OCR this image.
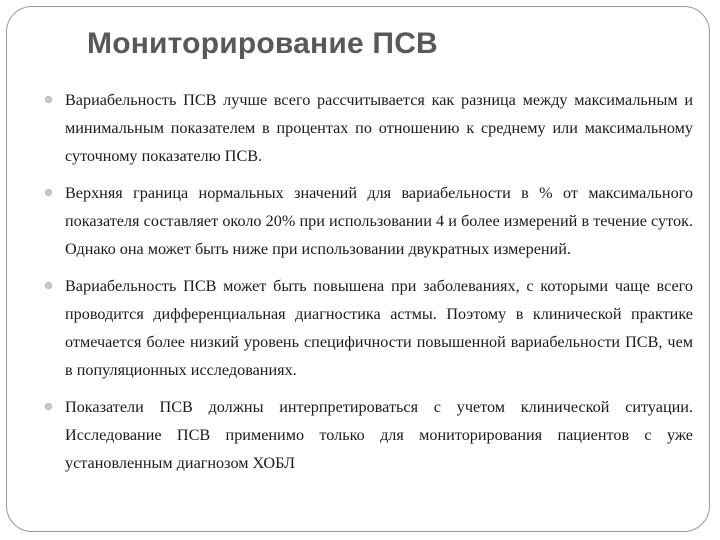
Мониторирование ПСВ
Вариабельность ПСВ лучше всего рассчитывается как разница между максимальным и минимальным показателем в процентах по отношению к среднему или максимальному суточному показателю ПСВ.
Верхняя граница нормальных значений для вариабельности в % от максимального показателя составляет около 20% при использовании 4 и более измерений в течение суток. Однако она может быть ниже при использовании двукратных измерений.
Вариабельность ПСВ может быть повышена при заболеваниях, с которыми чаще всего проводится дифференциальная диагностика астмы. Поэтому в клинической практике отмечается более низкий уровень специфичности повышенной вариабельности ПСВ, чем в популяционных исследованиях.
Показатели ПСВ должны интерпретироваться с учетом клинической ситуации. Исследование ПСВ применимо только для мониторирования пациентов с уже установленным диагнозом ХОБЛ
